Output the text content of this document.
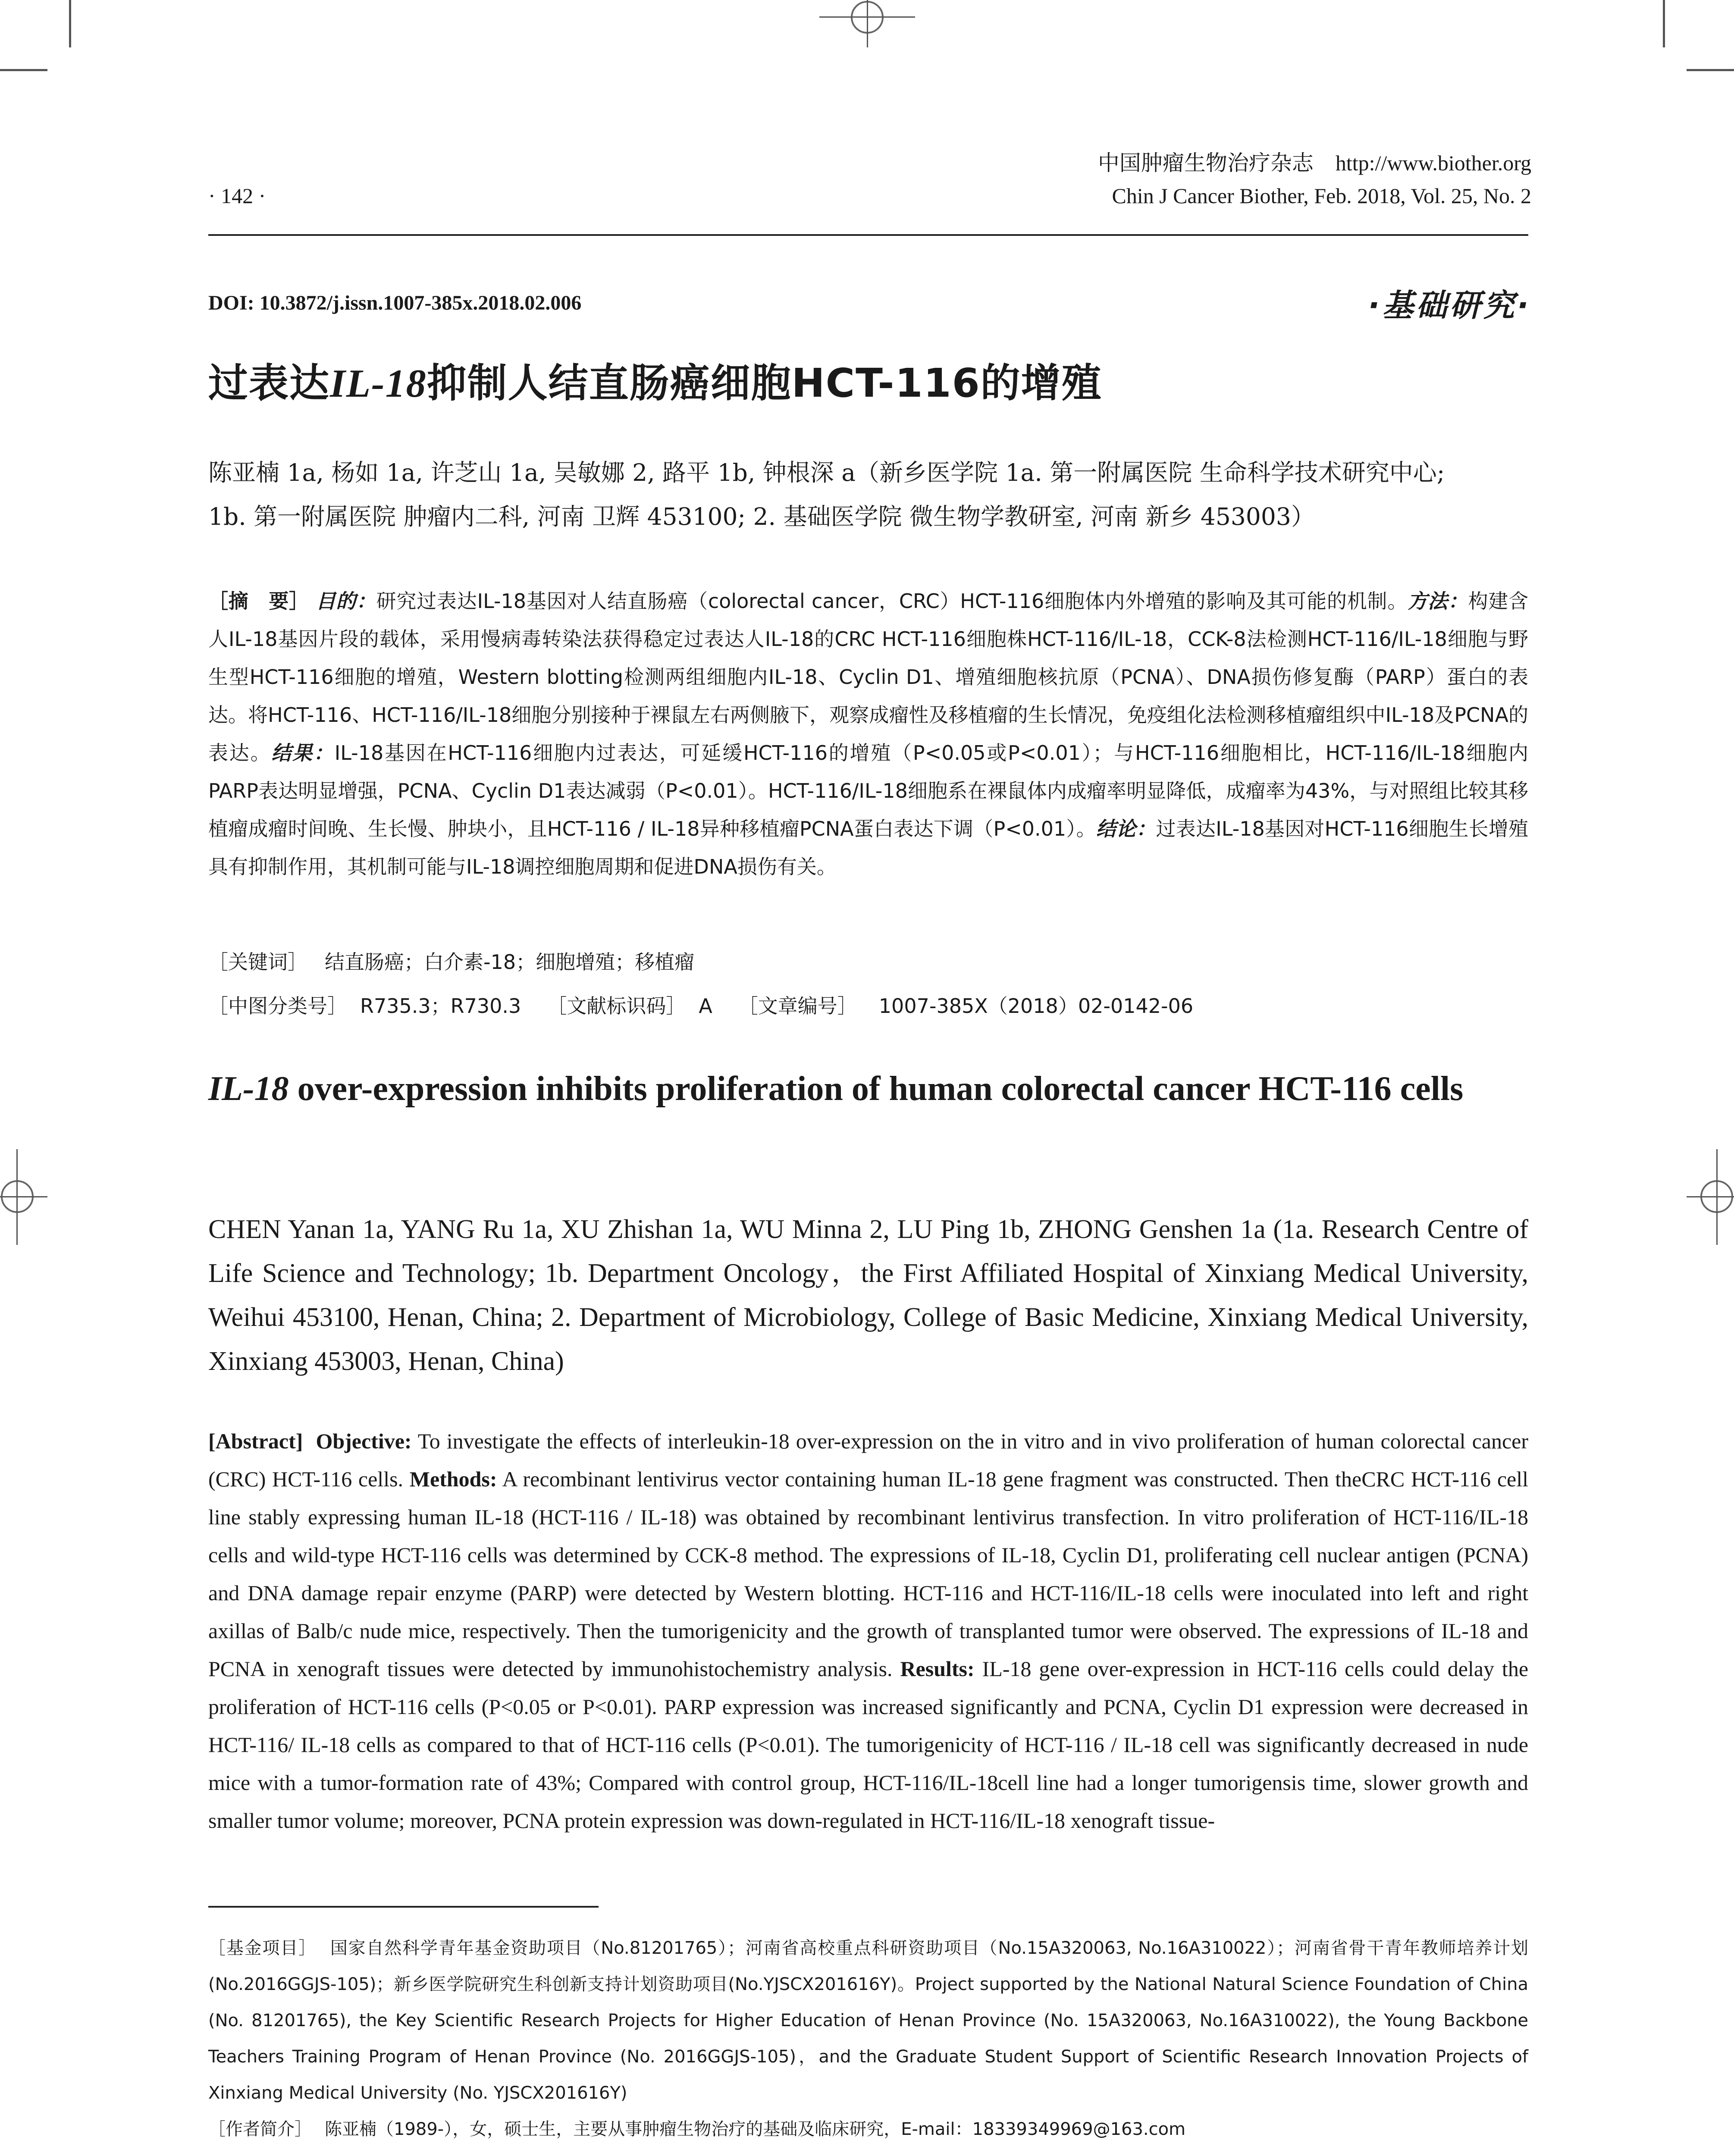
中国肿瘤生物治疗杂志 http://www.biother.org
· 142 ·	Chin J Cancer Biother, Feb. 2018, Vol. 25, No. 2
DOI: 10.3872/j.issn.1007-385x.2018.02.006	·基础研究·
过表达IL-18抑制人结直肠癌细胞HCT-116的增殖
陈亚楠 1a, 杨如 1a, 许芝山 1a, 吴敏娜 2, 路平 1b, 钟根深 a（新乡医学院 1a. 第一附属医院 生命科学技术研究中心;
1b. 第一附属医院 肿瘤内二科, 河南 卫辉 453100; 2. 基础医学院 微生物学教研室, 河南 新乡 453003）
［摘　要］ 目的：研究过表达IL-18基因对人结直肠癌（colorectal cancer，CRC）HCT-116细胞体内外增殖的影响及其可能的机制。方法：构建含人IL-18基因片段的载体，采用慢病毒转染法获得稳定过表达人IL-18的CRC HCT-116细胞株HCT-116/IL-18，CCK-8法检测HCT-116/IL-18细胞与野生型HCT-116细胞的增殖，Western blotting检测两组细胞内IL-18、Cyclin D1、增殖细胞核抗原（PCNA）、DNA损伤修复酶（PARP）蛋白的表达。将HCT-116、HCT-116/IL-18细胞分别接种于裸鼠左右两侧腋下，观察成瘤性及移植瘤的生长情况，免疫组化法检测移植瘤组织中IL-18及PCNA的表达。结果：IL-18基因在HCT-116细胞内过表达，可延缓HCT-116的增殖（P<0.05或P<0.01）；与HCT-116细胞相比，HCT-116/IL-18细胞内PARP表达明显增强，PCNA、Cyclin D1表达减弱（P<0.01）。HCT-116/IL-18细胞系在裸鼠体内成瘤率明显降低，成瘤率为43%，与对照组比较其移植瘤成瘤时间晚、生长慢、肿块小，且HCT-116 / IL-18异种移植瘤PCNA蛋白表达下调（P<0.01）。结论：过表达IL-18基因对HCT-116细胞生长增殖具有抑制作用，其机制可能与IL-18调控细胞周期和促进DNA损伤有关。
［关键词］ 结直肠癌；白介素-18；细胞增殖；移植瘤
［中图分类号］ R735.3；R730.3 ［文献标识码］ A ［文章编号］ 1007-385X（2018）02-0142-06
IL-18 over-expression inhibits proliferation of human colorectal cancer HCT-116 cells
CHEN Yanan 1a, YANG Ru 1a, XU Zhishan 1a, WU Minna 2, LU Ping 1b, ZHONG Genshen 1a (1a. Research Centre of Life Science and Technology; 1b. Department Oncology，the First Affiliated Hospital of Xinxiang Medical University, Weihui 453100, Henan, China; 2. Department of Microbiology, College of Basic Medicine, Xinxiang Medical University, Xinxiang 453003, Henan, China)
[Abstract] Objective: To investigate the effects of interleukin-18 over-expression on the in vitro and in vivo proliferation of human colorectal cancer (CRC) HCT-116 cells. Methods: A recombinant lentivirus vector containing human IL-18 gene fragment was constructed. Then theCRC HCT-116 cell line stably expressing human IL-18 (HCT-116 / IL-18) was obtained by recombinant lentivirus transfection. In vitro proliferation of HCT-116/IL-18 cells and wild-type HCT-116 cells was determined by CCK-8 method. The expressions of IL-18, Cyclin D1, proliferating cell nuclear antigen (PCNA) and DNA damage repair enzyme (PARP) were detected by Western blotting. HCT-116 and HCT-116/IL-18 cells were inoculated into left and right axillas of Balb/c nude mice, respectively. Then the tumorigenicity and the growth of transplanted tumor were observed. The expressions of IL-18 and PCNA in xenograft tissues were detected by immunohistochemistry analysis. Results: IL-18 gene over-expression in HCT-116 cells could delay the proliferation of HCT-116 cells (P<0.05 or P<0.01). PARP expression was increased significantly and PCNA, Cyclin D1 expression were decreased in HCT-116/ IL-18 cells as compared to that of HCT-116 cells (P<0.01). The tumorigenicity of HCT-116 / IL-18 cell was significantly decreased in nude mice with a tumor-formation rate of 43%; Compared with control group, HCT-116/IL-18cell line had a longer tumorigensis time, slower growth and smaller tumor volume; moreover, PCNA protein expression was down-regulated in HCT-116/IL-18 xenograft tissue-
［基金项目］ 国家自然科学青年基金资助项目（No.81201765）；河南省高校重点科研资助项目（No.15A320063, No.16A310022）；河南省骨干青年教师培养计划(No.2016GGJS-105)；新乡医学院研究生科创新支持计划资助项目(No.YJSCX201616Y)。Project supported by the National Natural Science Foundation of China (No. 81201765), the Key Scientific Research Projects for Higher Education of Henan Province (No. 15A320063, No.16A310022), the Young Backbone Teachers Training Program of Henan Province (No. 2016GGJS-105)，and the Graduate Student Support of Scientific Research Innovation Projects of Xinxiang Medical University (No. YJSCX201616Y)
［作者简介］ 陈亚楠（1989-），女，硕士生，主要从事肿瘤生物治疗的基础及临床研究，E-mail：18339349969@163.com
